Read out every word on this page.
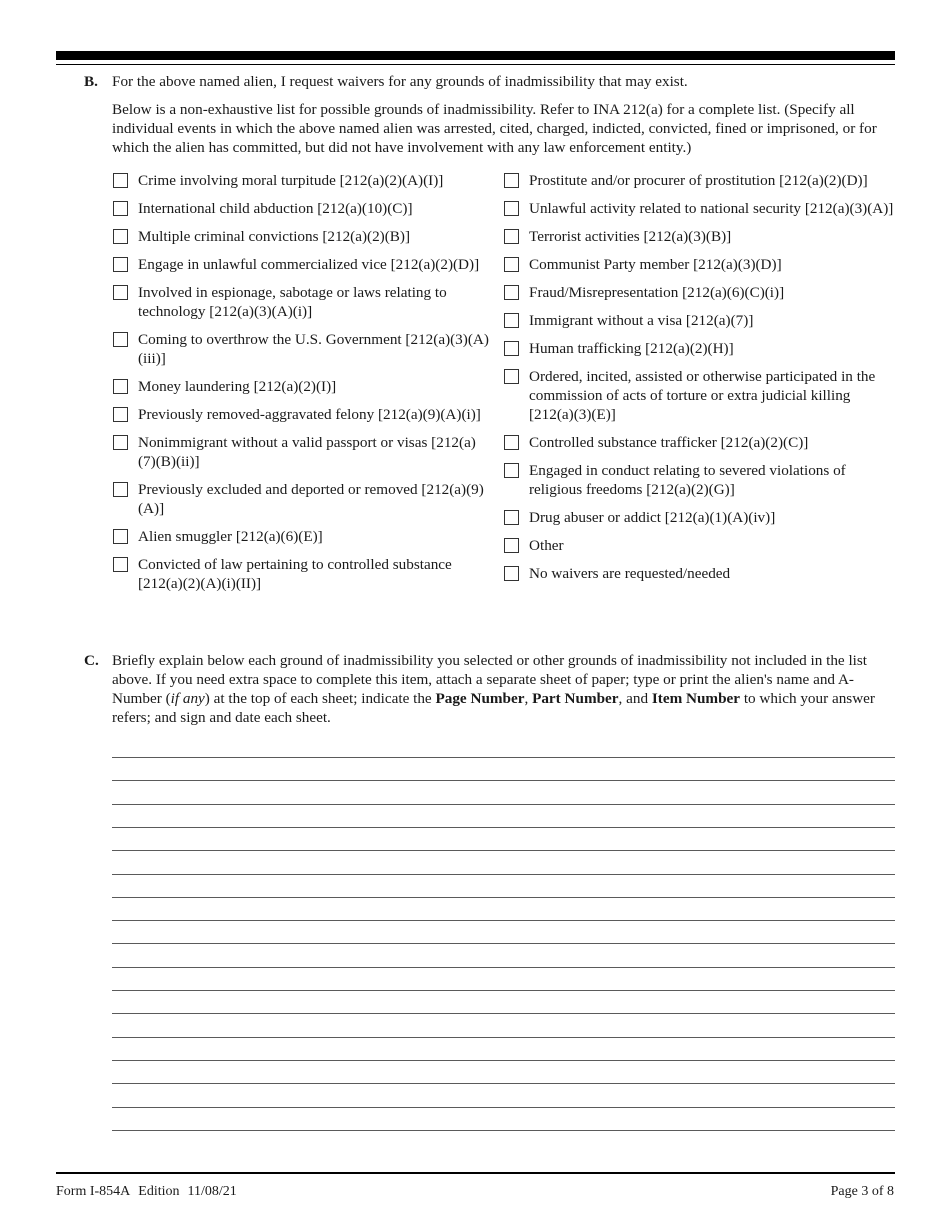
B. For the above named alien, I request waivers for any grounds of inadmissibility that may exist.
Below is a non-exhaustive list for possible grounds of inadmissibility. Refer to INA 212(a) for a complete list. (Specify all individual events in which the above named alien was arrested, cited, charged, indicted, convicted, fined or imprisoned, or for which the alien has committed, but did not have involvement with any law enforcement entity.)
Crime involving moral turpitude [212(a)(2)(A)(I)]
International child abduction [212(a)(10)(C)]
Multiple criminal convictions [212(a)(2)(B)]
Engage in unlawful commercialized vice [212(a)(2)(D)]
Involved in espionage, sabotage or laws relating to technology [212(a)(3)(A)(i)]
Coming to overthrow the U.S. Government [212(a)(3)(A)(iii)]
Money laundering [212(a)(2)(I)]
Previously removed-aggravated felony [212(a)(9)(A)(i)]
Nonimmigrant without a valid passport or visas [212(a)(7)(B)(ii)]
Previously excluded and deported or removed [212(a)(9)(A)]
Alien smuggler [212(a)(6)(E)]
Convicted of law pertaining to controlled substance [212(a)(2)(A)(i)(II)]
Prostitute and/or procurer of prostitution [212(a)(2)(D)]
Unlawful activity related to national security [212(a)(3)(A)]
Terrorist activities [212(a)(3)(B)]
Communist Party member [212(a)(3)(D)]
Fraud/Misrepresentation [212(a)(6)(C)(i)]
Immigrant without a visa [212(a)(7)]
Human trafficking [212(a)(2)(H)]
Ordered, incited, assisted or otherwise participated in the commission of acts of torture or extra judicial killing [212(a)(3)(E)]
Controlled substance trafficker [212(a)(2)(C)]
Engaged in conduct relating to severed violations of religious freedoms [212(a)(2)(G)]
Drug abuser or addict [212(a)(1)(A)(iv)]
Other
No waivers are requested/needed
C. Briefly explain below each ground of inadmissibility you selected or other grounds of inadmissibility not included in the list above. If you need extra space to complete this item, attach a separate sheet of paper; type or print the alien's name and A-Number (if any) at the top of each sheet; indicate the Page Number, Part Number, and Item Number to which your answer refers; and sign and date each sheet.
Form I-854A Edition 11/08/21	Page 3 of 8
